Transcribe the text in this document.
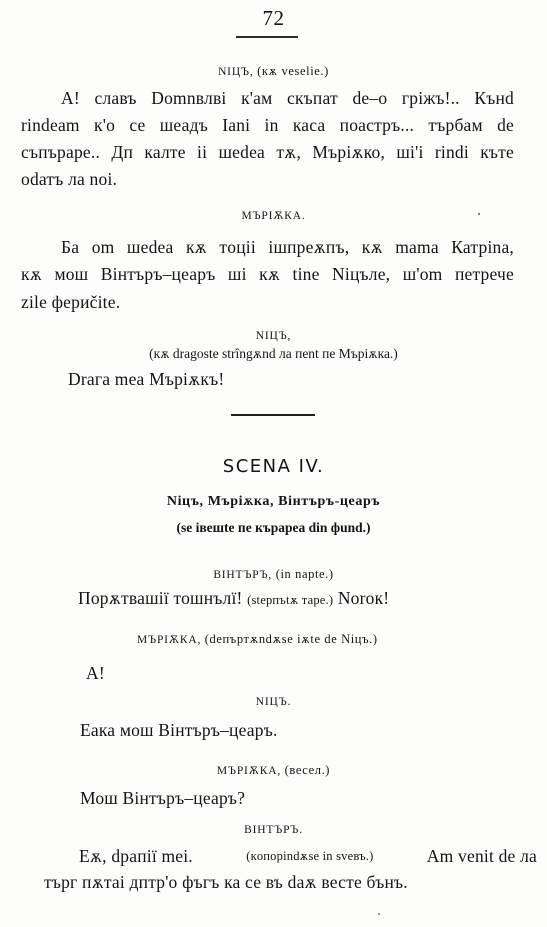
72
NIЦЪ, (кѫ veselie.)
А! славъ Domnвлві к'ам скъпат de–o грiжъ!.. Кънd
rindeam к'о се шеадъ Iani in каса поастръ... търбам de
съпъраре.. Дп калте ii шedea тѫ, Мърiѫко, шi'i rindi къте
odатъ ла noi.
МЪРIѪКА.
Ба om шedea кѫ тoцii iшпреѫпъ, кѫ mama Катрina,
кѫ мош Вiнтъръ–цеаръ шi кѫ tine Niцъле, ш'om петрече
zile фериčite.
NIЦЪ,
(кѫ dragoste strîngѫnd ла пent пе Мърiѫка.)
Draга mea Мърiѫкъ!
SCENA IV.
Niцъ, Мърiѫка, Вiнтъръ-цеаръ
(se iвeшte пе къpapea din фund.)
ВIНТЪРЪ, (in napte.)
Порѫтвашiї тошнълї! (steрпъtѫ таре.) Norок!
МЪРIѪКА, (deпъртѫndѫse iѫte de Niцъ.)
А!
NIЦЪ.
Еака мош Вiнтъръ–цеаръ.
МЪРIѪКА, (весел.)
Мош Вiнтъръ–цеаръ?
ВIНТЪРЪ.
Еѫ, dpaпiї mei.	(кoпopindѫse in sveвъ.)	Am venit de ла
търг пѫтаі дптр'о фъгъ ка се въ daѫ весте бънъ.
